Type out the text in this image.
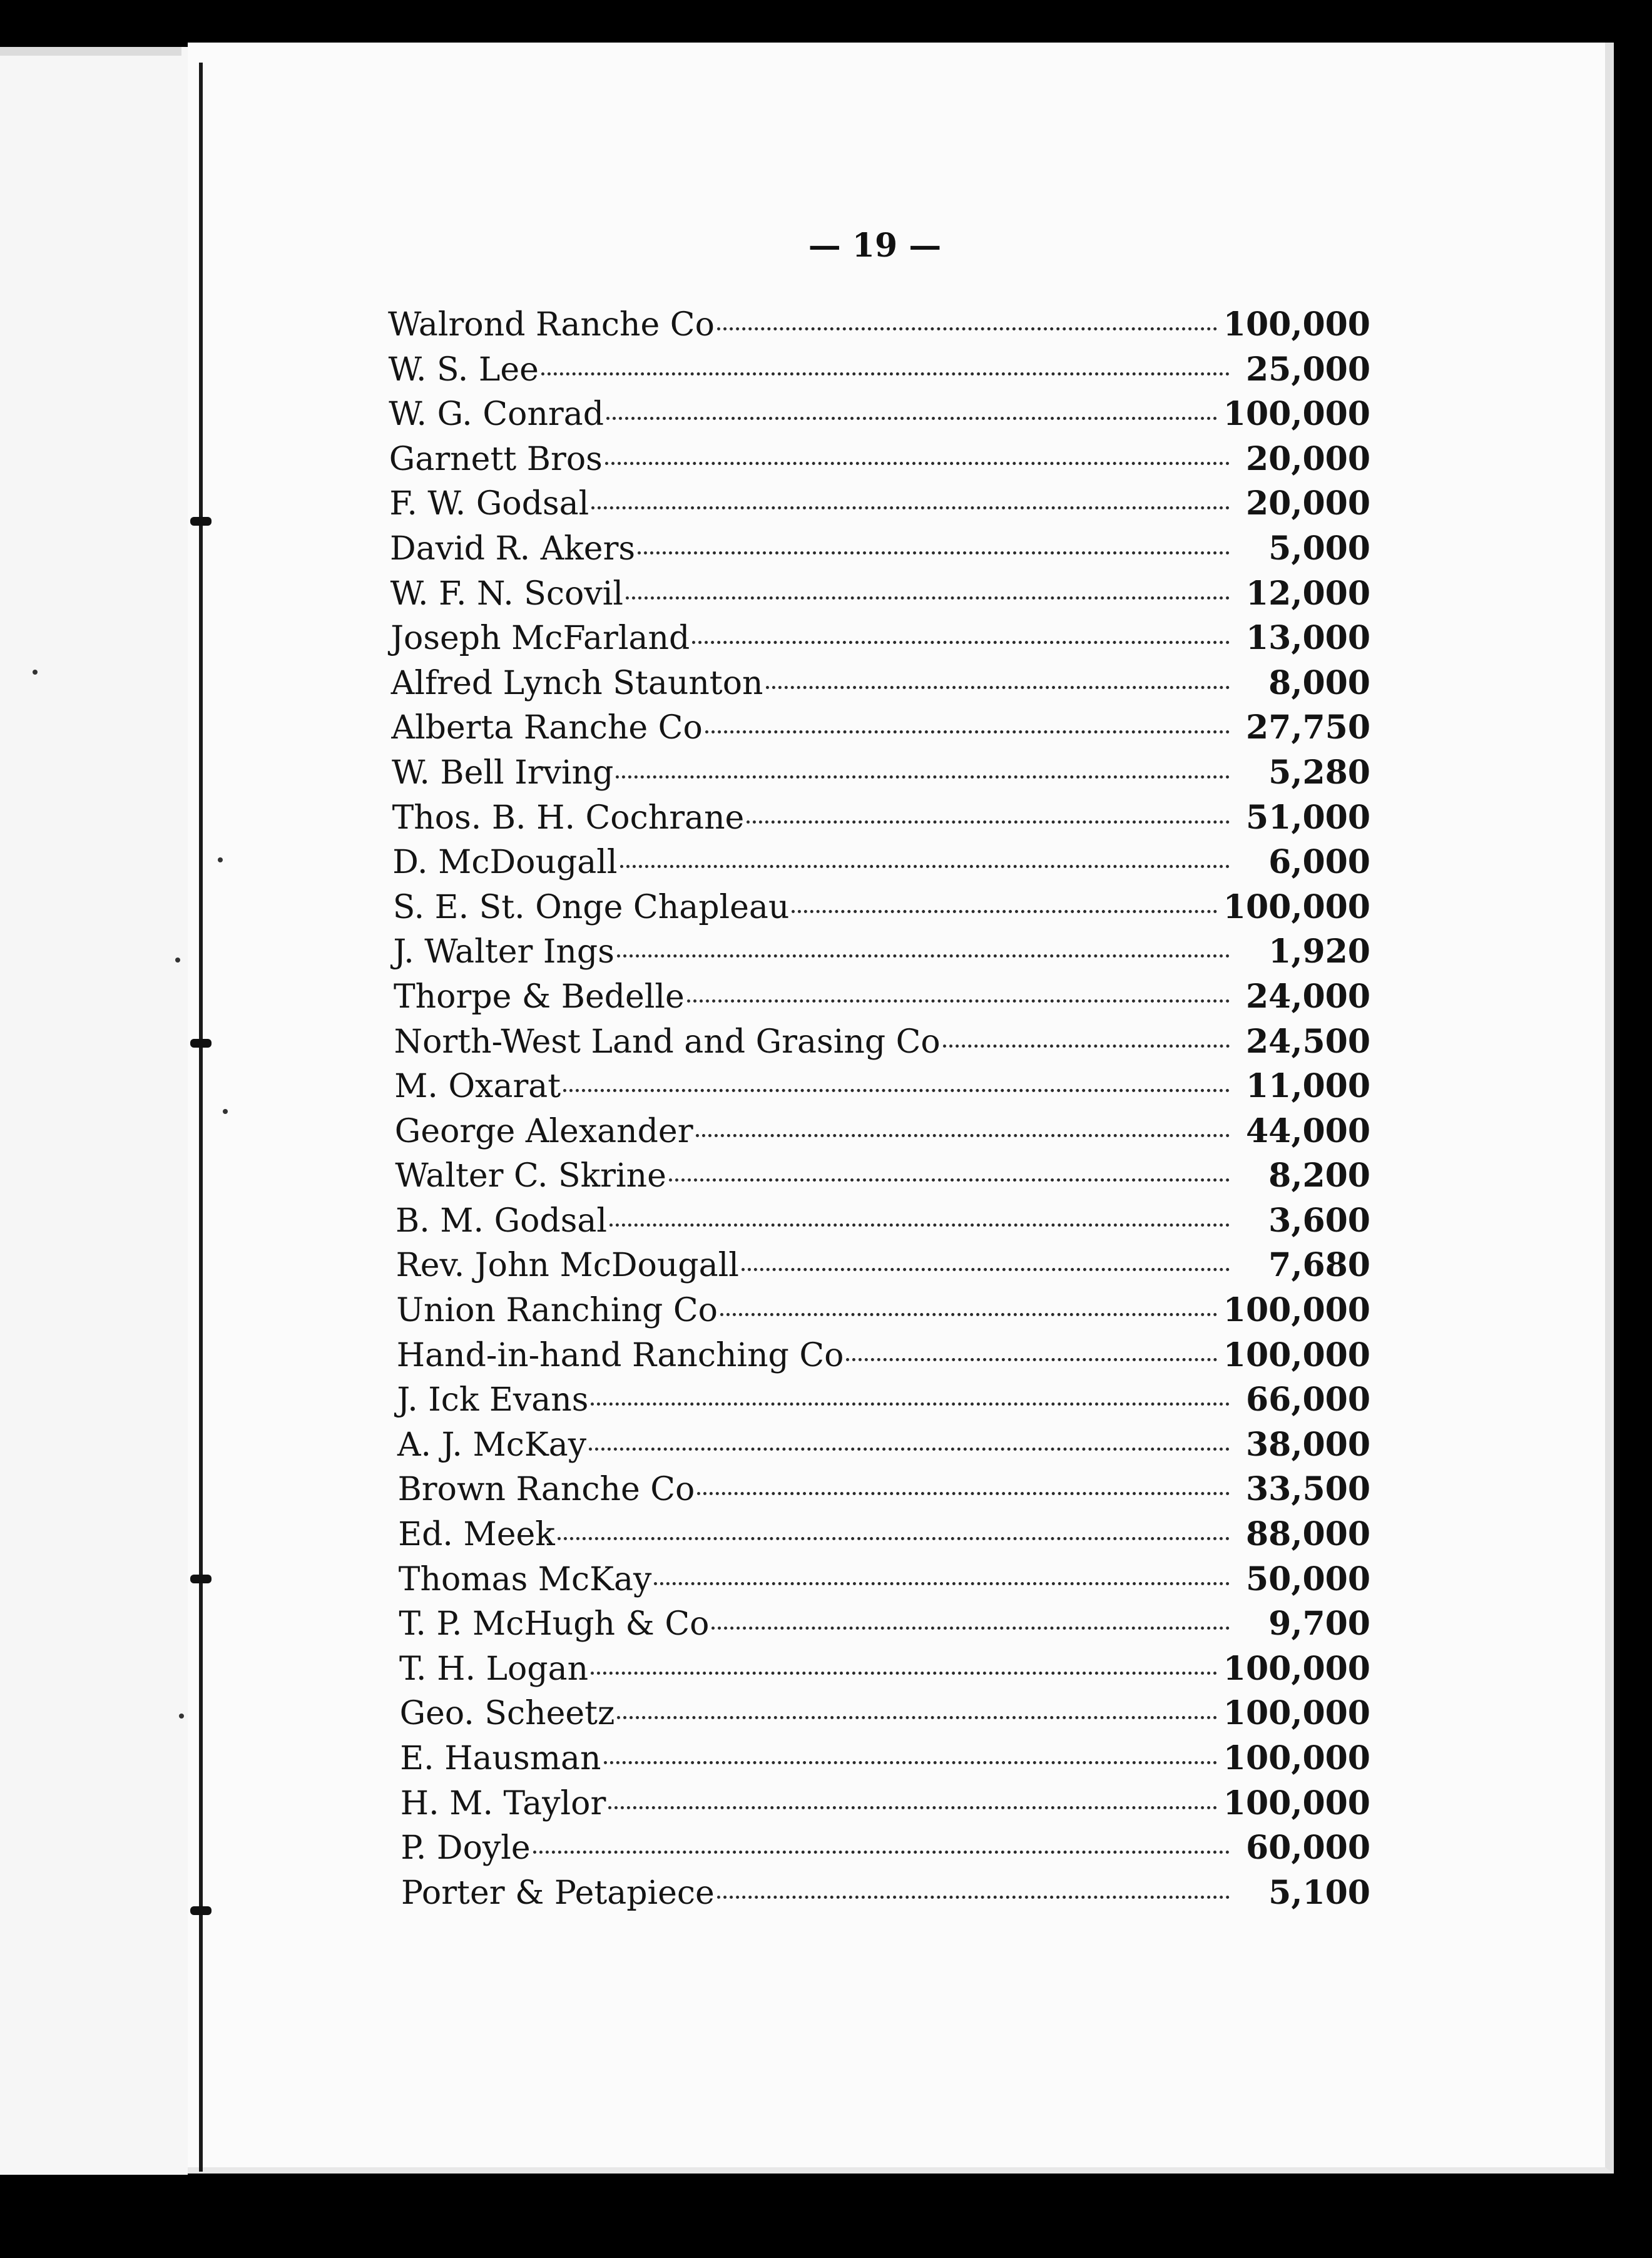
— 19 —
Walrond Ranche Co	100,000
W. S. Lee	25,000
W. G. Conrad	100,000
Garnett Bros	20,000
F. W. Godsal	20,000
David R. Akers	5,000
W. F. N. Scovil	12,000
Joseph McFarland	13,000
Alfred Lynch Staunton	8,000
Alberta Ranche Co	27,750
W. Bell Irving	5,280
Thos. B. H. Cochrane	51,000
D. McDougall	6,000
S. E. St. Onge Chapleau	100,000
J. Walter Ings	1,920
Thorpe & Bedelle	24,000
North-West Land and Grasing Co	24,500
M. Oxarat	11,000
George Alexander	44,000
Walter C. Skrine	8,200
B. M. Godsal	3,600
Rev. John McDougall	7,680
Union Ranching Co	100,000
Hand-in-hand Ranching Co	100,000
J. Ick Evans	66,000
A. J. McKay	38,000
Brown Ranche Co	33,500
Ed. Meek	88,000
Thomas McKay	50,000
T. P. McHugh & Co	9,700
T. H. Logan	100,000
Geo. Scheetz	100,000
E. Hausman	100,000
H. M. Taylor	100,000
P. Doyle	60,000
Porter & Petapiece	5,100
